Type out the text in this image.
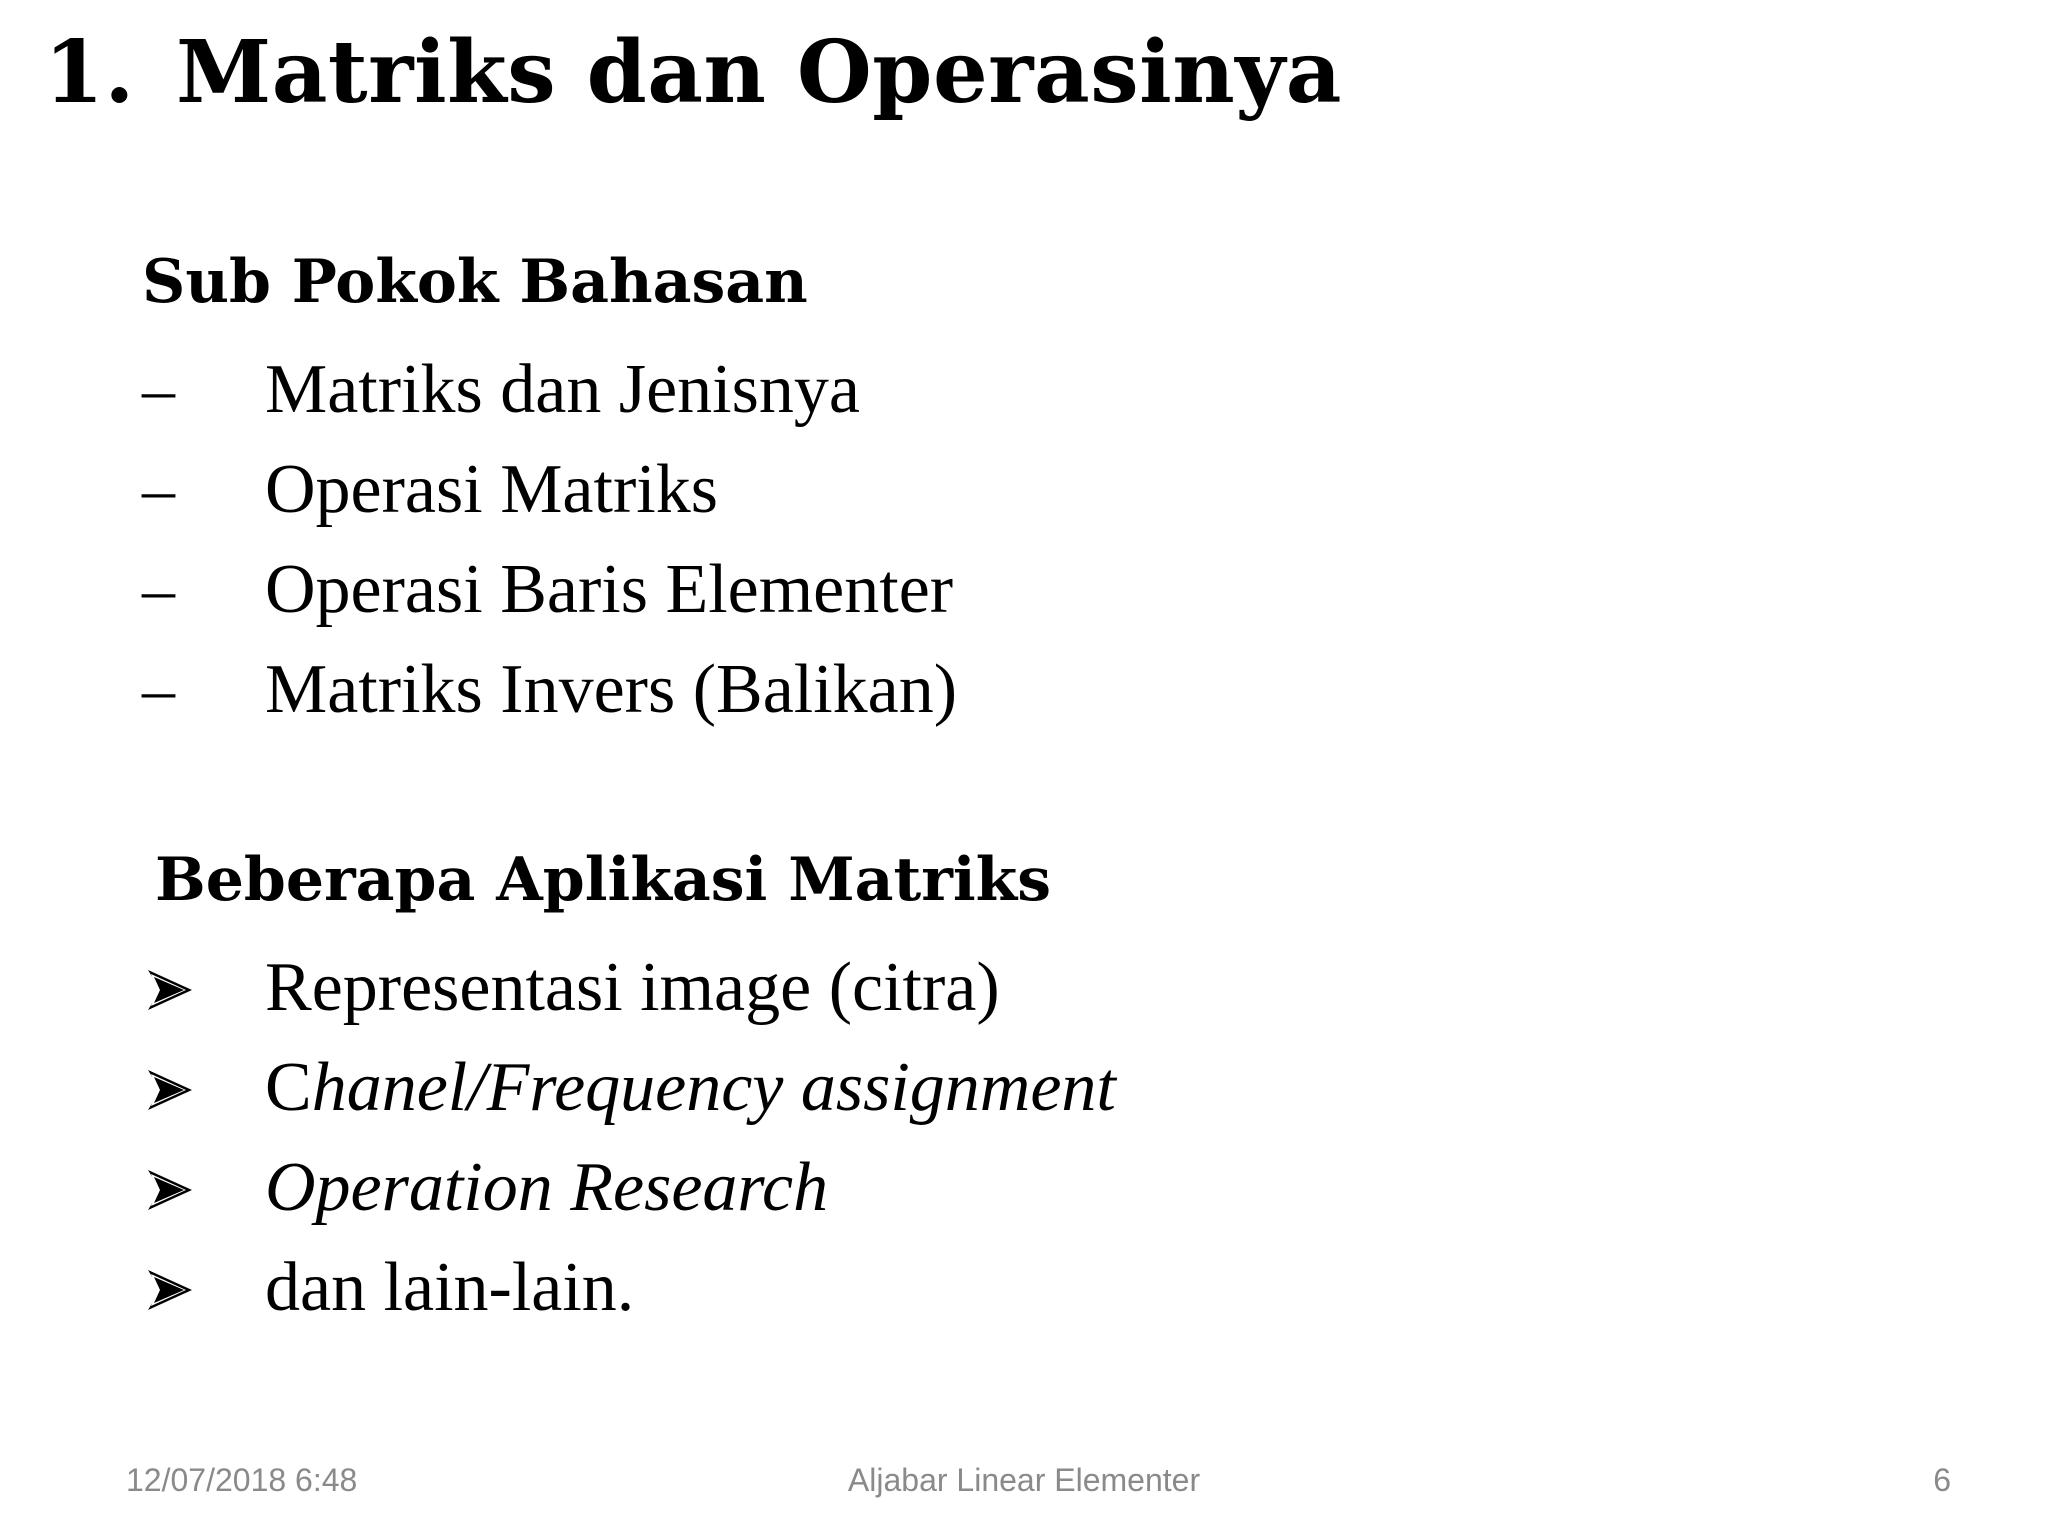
1. Matriks dan Operasinya
Sub Pokok Bahasan
–	Matriks dan Jenisnya
–	Operasi Matriks
–	Operasi Baris Elementer
–	Matriks Invers (Balikan)
Beberapa Aplikasi Matriks
Representasi image (citra)
Chanel/Frequency assignment
Operation Research
dan lain-lain.
12/07/2018 6:48	Aljabar Linear Elementer	6
